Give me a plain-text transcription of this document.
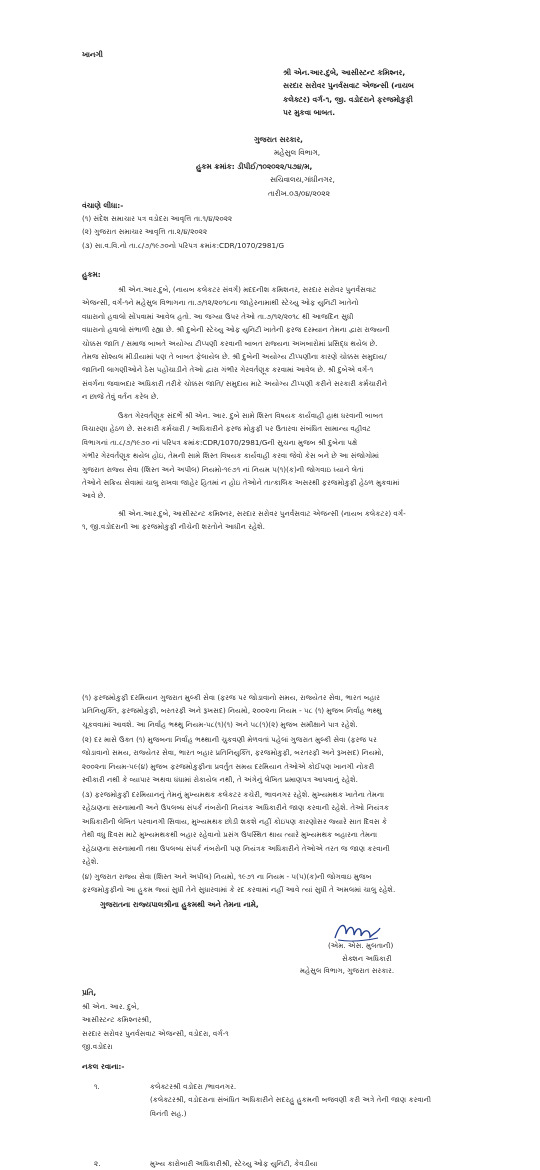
ખાનગી
શ્રી એન.આર.દુબે, આસીસ્ટન્ટ કમિશ્નર,
સરદાર સરોવર પુનર્વસવાટ એજન્સી (નાયબ
કલેક્ટર) વર્ગ-૧, જી. વડોદરાને ફરજમોકુફી
પર મુકવા બાબત.
ગુજરાત સરકાર,
મહેસુલ વિભાગ,
હુકમ ક્રમાંક: ડીપીઈ/૧૦૨૦૨૨/૫૭૪/મ,
સચિવાલય,ગાંધીનગર,
તારીખ.૦૩/૦૪/૨૦૨૨
વંચાણે લીધા:-
(૧) સંદેશ સમાચાર પત્ર વડોદરા આવૃત્તિ તા.૧/૪/૨૦૨૨
(૨) ગુજરાત સમાચાર આવૃત્તિ તા.૨/૪/૨૦૨૨
(૩) સા.વ.વિ.નો તા.૮/૭/૧૯૭૦નો પરિપત્ર ક્રમાંક:CDR/1070/2981/G
હુકમ:
શ્રી એન.આર.દુબે, (નાયબ કલેકટર સંવર્ગ) મદદનીશ કમિશનર, સરદાર સરોવર પુનર્વસવાટ
એજન્સી, વર્ગ-૧ને મહેસુલ વિભાગના તા.૭/૧૨/૨૦૧૮ના જાહેરનામાથી સ્ટેચ્યુ ઓફ યુનિટી ખાતેનો
વધારાનો હવાલો સોંપવામાં આવેલ હતો. આ જગ્યા ઉપર તેઓ તા.૭/૧૨/૨૦૧૮ થી આજદિન સુધી
વધારાનો હવાલો સંભાળી રહ્યા છે. શ્રી દુબેની સ્ટેચ્યુ ઓફ યુનિટી ખાતેની ફરજ દરમ્યાન તેમના દ્વારા રાજ્યની
ચોક્કસ જાતિ / સમાજ બાબતે અયોગ્ય ટીપ્પણી કરવાની બાબત રાજ્યના અખબારોમાં પ્રસિદ્ધ થયેલ છે.
તેમજ સોશ્યલ મીડીયામાં પણ તે બાબત ફેલાયેલ છે. શ્રી દુબેની અયોગ્ય ટીપ્પણીના કારણે ચોક્કસ સમુદાય/
જાતિની લાગણીઓને ઠેસ પહોંચાડીને તેઓ દ્વારા ગંભીર ગેરવર્તણૂક કરવામાં આવેલ છે. શ્રી દુબેએ વર્ગ-૧
સંવર્ગના જવાબદાર અધિકારી તરીકે ચોક્કસ જાતિ/ સમુદાય માટે અયોગ્ય ટીપ્પણી કરીને સરકારી કર્મચારીને
ન છાજે તેવું વર્તન કરેલ છે.
ઉક્ત ગેરવર્તણૂક સંદર્ભે શ્રી એન. આર. દુબે સામે શિસ્ત વિષયક કાર્યવાહી હાથ ધરવાની બાબત
વિચારણા હેઠળ છે. સરકારી કર્મચારી / અધિકારીને ફરજ મોકુફી પર ઉતારવા સંબંધિત સામાન્ય વહીવટ
વિભાગનાં તા.૮/૭/૧૯૭૦ નાં પરિપત્ર ક્રમાંક:CDR/1070/2981/Gની સુચના મુજબ શ્રી દુબેના પક્ષે
ગંભીર ગેરવર્તણૂક થયેલ હોઇ, તેમની સામે શિસ્ત વિષયક કાર્યવાહી કરવા જેવો કેસ બને છે આ સંજોગોમાં
ગુજરાત રાજ્ય સેવા (શિસ્ત અને અપીલ) નિયમો-૧૯૭૧ નાં નિયમ ૫(૧)(ક)ની જોગવાઇ ધ્યાને લેતાં
તેઓને સક્રિય સેવામાં ચાલુ રાખવા જાહેર હિતમાં ન હોઇ તેઓને તાત્કાલિક અસરથી ફરજમોકુફી હેઠળ મુકવામાં
આવે છે.
શ્રી એન.આર.દુબે, આસીસ્ટન્ટ કમિશ્નર, સરદાર સરોવર પુનર્વસવાટ એજન્સી (નાયબ કલેકટર) વર્ગ-
૧, જી.વડોદરાની આ ફરજમોકુફી નીચેની શરતોને આધીન રહેશે.
(૧) ફરજમોકુફી દરમિયાન ગુજરાત મુલ્કી સેવા (ફરજ પર જોડાવાનો સમય, રાજ્યેતર સેવા, ભારત બહાર
પ્રતિનિયુક્તિ, ફરજમોકુફી, બરતરફી અને રૂખસદ) નિયમો, ૨૦૦૨ના નિયમ - ૫૮ (૧) મુજબ નિર્વાહ ભથ્થુ
ચૂકવવામાં આવશે. આ નિર્વાહ ભથ્થુ નિયમ-૫૮(૧)(૧) અને ૫૮(૧)(૨) મુજબ સમીક્ષાને પાત્ર રહેશે.
(૨) દર માસે ઉક્ત (૧) મુજબના નિર્વાહ ભથ્થાની ચુકવણી મેળવતાં પહેલાં ગુજરાત મુલ્કી સેવા (ફરજ પર
જોડાવાનો સમય, રાજ્યેતર સેવા, ભારત બહાર પ્રતિનિયુક્તિ, ફરજમોકુફી, બરતરફી અને રૂખસદ) નિયમો,
૨૦૦૨ના નિયમ-૫૯(૪) મુજબ ફરજમોકુફીના પ્રવર્તુત સમય દરમિયાન તેઓએ કોઈપણ ખાનગી નોકરી
સ્વીકારી નથી કે વ્યાપાર અથવા ધંધામાં રોકાયેલ નથી, તે અંગેનું લેખિત પ્રમાણપત્ર આપવાનું રહેશે.
(૩) ફરજમોકુફી દરમિયાનનું તેમનું મુખ્યમથક કલેકટર કચેરી, ભાવનગર રહેશે. મુખ્યમથક ખાતેના તેમના
રહેઠાણના સરનામાની અને ઉપલબ્ધ સંપર્ક નંબરોની નિયંત્રક અધિકારીને જાણ કરવાની રહેશે. તેઓ નિયંત્રક
અધિકારીની લેખિત પરવાનગી સિવાય, મુખ્યમથક છોડી શકશે નહીં કોઇપણ કારણોસર જ્યારે સાત દિવસ કે
તેથી વધુ દિવસ માટે મુખ્યમથકથી બહાર રહેવાનો પ્રસંગ ઉપસ્થિત થાય ત્યારે મુખ્યમથક બહારના તેમના
રહેઠાણના સરનામાની તથા ઉપલબ્ધ સંપર્ક નંબરોની પણ નિયંત્રક અધિકારીને તેઓએ તરત જ જાણ કરવાની
રહેશે.
(૪) ગુજરાત રાજ્ય સેવા (શિસ્ત અને અપીલ) નિયમો, ૧૯૭૧ ના નિયમ - ૫(૫)(ક)ની જોગવાઇ મુજબ
ફરજમોકુફીનો આ હુકમ જ્યાં સુધી તેને સુધારવામાં કે રદ કરવામાં નહીં આવે ત્યાં સુધી તે અમલમાં ચાલુ રહેશે.
ગુજરાતના રાજ્યપાલશ્રીના હુકમથી અને તેમના નામે,
(એમ. એસ. મુલતાની)
સેક્શન અધિકારી
મહેસુલ વિભાગ, ગુજરાત સરકાર.
પ્રતિ,
શ્રી એન. આર. દુબે,
આસીસ્ટન્ટ કમિશ્નરશ્રી,
સરદાર સરોવર પુનર્વસવાટ એજન્સી, વડોદરા, વર્ગ-૧
જી.વડોદરા
નકલ રવાના:-
૧.	કલેક્ટરશ્રી વડોદરા /ભાવનગર.
(કલેક્ટરશ્રી, વડોદરાના સંબંધિત અધિકારીને સદરહુ હુકમની બજવણી કરી અત્રે તેની જાણ કરવાની
વિનંતી સહ.)
૨.	મુખ્ય કારોબારી અધિકારીશ્રી, સ્ટેચ્યુ ઓફ યુનિટી, કેવડીયા
